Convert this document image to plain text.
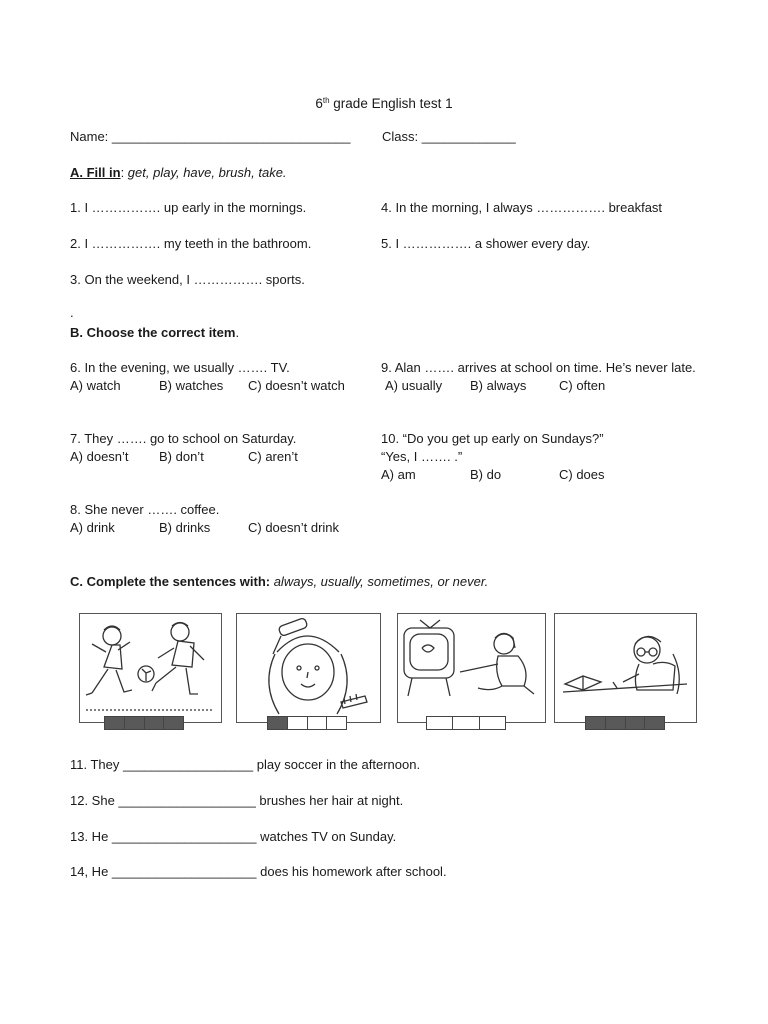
6th grade English test 1
Name: _________________________________ Class: _____________
A. Fill in: get, play, have, brush, take.
1. I ……………. up early in the mornings.
2. I ……………. my teeth in the bathroom.
3. On the weekend, I ……………. sports.
4. In the morning, I always ……………. breakfast
5. I ……………. a shower every day.
.
B. Choose the correct item.
6. In the evening, we usually ……. TV.
A) watch	B) watches C) doesn’t watch
7. They ……. go to school on Saturday.
A) doesn’t B) don’t	C) aren’t
8. She never ……. coffee.
A) drink	B) drinks	C) doesn’t drink
9. Alan ……. arrives at school on time. He’s never late.
A) usually B) always	C) often
10. “Do you get up early on Sundays?”
“Yes, I ……. .”
A) am	B) do	C) does
C. Complete the sentences with: always, usually, sometimes, or never.
11. They __________________ play soccer in the afternoon.
12. She ___________________ brushes her hair at night.
13. He ____________________ watches TV on Sunday.
14, He ____________________ does his homework after school.
